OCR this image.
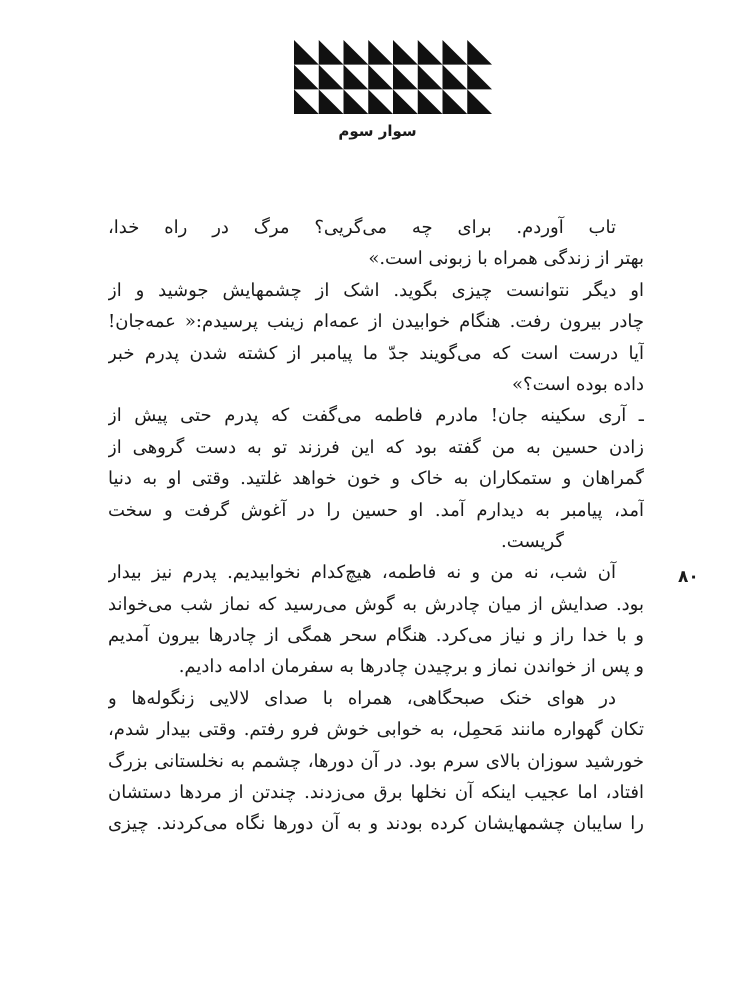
سوار سوم
تاب آوردم. برای چه می‌گریی؟ مرگ در راه خدا،
بهتر از زندگی همراه با زبونی است.»
او دیگر نتوانست چیزی بگوید. اشک از چشمهایش جوشید و از
چادر بیرون رفت. هنگام خوابیدن از عمه‌ام زینب پرسیدم:« عمه‌جان!
آیا درست است که می‌گویند جدّ ما پیامبر از کشته شدن پدرم خبر
داده بوده است؟»
ـ آری سکینه جان! مادرم فاطمه می‌گفت که پدرم حتی پیش از
زادن حسین به من گفته بود که این فرزند تو به دست گروهی از
گمراهان و ستمکاران به خاک و خون خواهد غلتید. وقتی او به دنیا
آمد، پیامبر به دیدارم آمد. او حسین را در آغوش گرفت و سخت
گریست.
آن شب، نه من و نه فاطمه، هیچ‌کدام نخوابیدیم. پدرم نیز بیدار
بود. صدایش از میان چادرش به گوش می‌رسید که نماز شب می‌خواند
و با خدا راز و نیاز می‌کرد. هنگام سحر همگی از چادرها بیرون آمدیم
و پس از خواندن نماز و برچیدن چادرها به سفرمان ادامه دادیم.
در هوای خنک صبحگاهی، همراه با صدای لالایی زنگوله‌ها و
تکان گهواره مانند مَحمِل، به خوابی خوش فرو رفتم. وقتی بیدار شدم،
خورشید سوزان بالای سرم بود. در آن دورها، چشمم به نخلستانی بزرگ
افتاد، اما عجیب اینکه آن نخلها برق می‌زدند. چندتن از مردها دستشان
را سایبان چشمهایشان کرده بودند و به آن دورها نگاه می‌کردند. چیزی
۸۰
